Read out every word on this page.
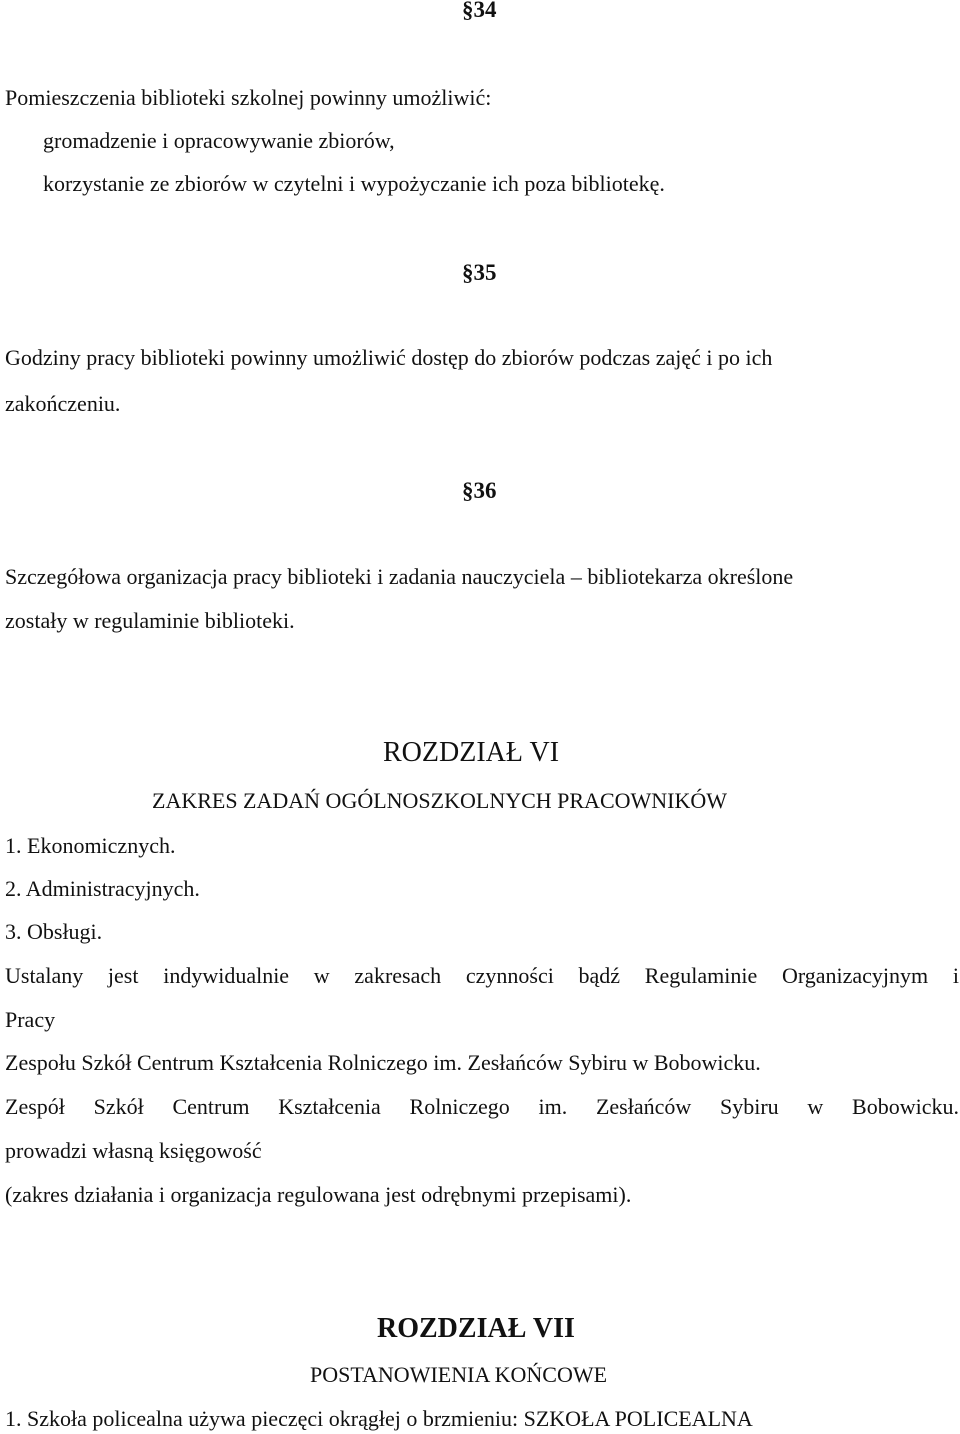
§34
Pomieszczenia biblioteki szkolnej powinny umożliwić:
gromadzenie i opracowywanie zbiorów,
korzystanie ze zbiorów w czytelni i wypożyczanie ich poza bibliotekę.
§35
Godziny pracy biblioteki powinny umożliwić dostęp do zbiorów podczas zajęć i po ich
zakończeniu.
§36
Szczegółowa organizacja pracy biblioteki i zadania nauczyciela – bibliotekarza określone
zostały w regulaminie biblioteki.
ROZDZIAŁ VI
ZAKRES ZADAŃ OGÓLNOSZKOLNYCH PRACOWNIKÓW
1. Ekonomicznych.
2. Administracyjnych.
3. Obsługi.
Ustalany jest indywidualnie w zakresach czynności bądź Regulaminie Organizacyjnym i
Pracy
Zespołu Szkół Centrum Kształcenia Rolniczego im. Zesłańców Sybiru w Bobowicku.
Zespół Szkół Centrum Kształcenia Rolniczego im. Zesłańców Sybiru w Bobowicku.
prowadzi własną księgowość
(zakres działania i organizacja regulowana jest odrębnymi przepisami).
ROZDZIAŁ VII
POSTANOWIENIA KOŃCOWE
1. Szkoła policealna używa pieczęci okrągłej o brzmieniu: SZKOŁA POLICEALNA
